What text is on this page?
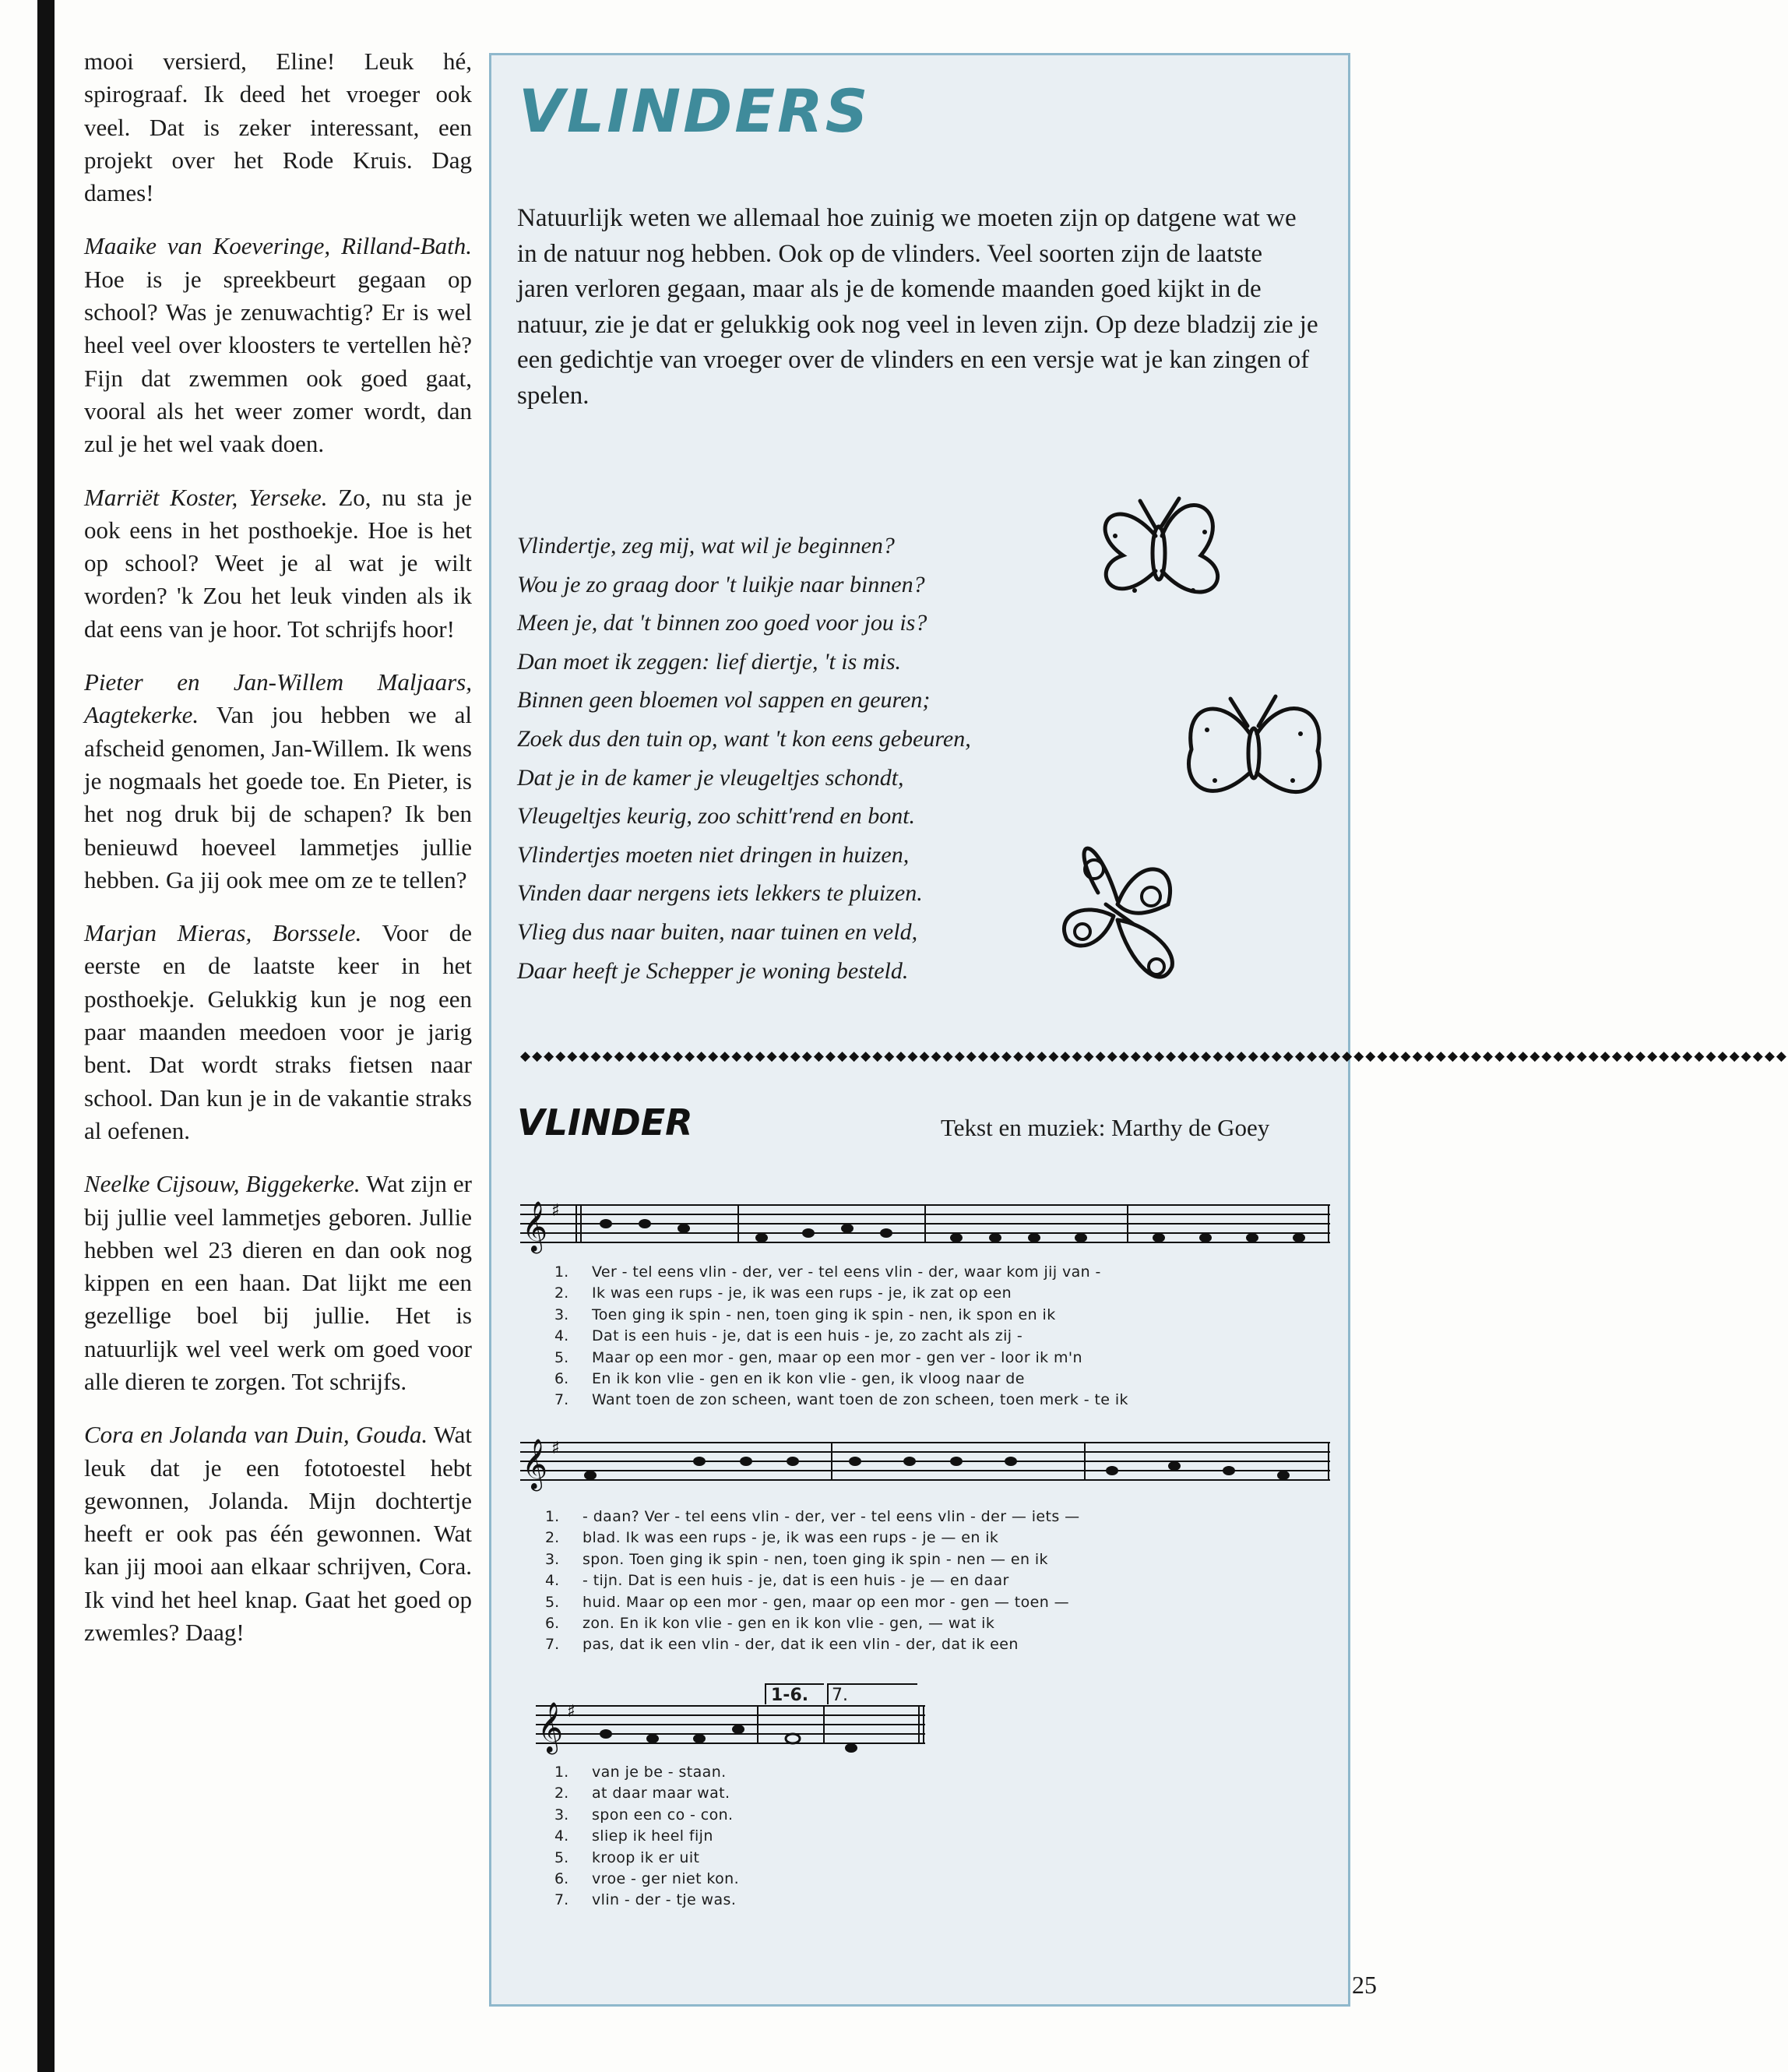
mooi versierd, Eline! Leuk hé, spirograaf. Ik deed het vroeger ook veel. Dat is zeker interessant, een projekt over het Rode Kruis. Dag dames!

Maaike van Koeveringe, Rilland-Bath. Hoe is je spreekbeurt gegaan op school? Was je zenuwachtig? Er is wel heel veel over kloosters te vertellen hè? Fijn dat zwemmen ook goed gaat, vooral als het weer zomer wordt, dan zul je het wel vaak doen.

Marriët Koster, Yerseke. Zo, nu sta je ook eens in het posthoekje. Hoe is het op school? Weet je al wat je wilt worden? 'k Zou het leuk vinden als ik dat eens van je hoor. Tot schrijfs hoor!

Pieter en Jan-Willem Maljaars, Aagtekerke. Van jou hebben we al afscheid genomen, Jan-Willem. Ik wens je nogmaals het goede toe. En Pieter, is het nog druk bij de schapen? Ik ben benieuwd hoeveel lammetjes jullie hebben. Ga jij ook mee om ze te tellen?

Marjan Mieras, Borssele. Voor de eerste en de laatste keer in het posthoekje. Gelukkig kun je nog een paar maanden meedoen voor je jarig bent. Dat wordt straks fietsen naar school. Dan kun je in de vakantie straks al oefenen.

Neelke Cijsouw, Biggekerke. Wat zijn er bij jullie veel lammetjes geboren. Jullie hebben wel 23 dieren en dan ook nog kippen en een haan. Dat lijkt me een gezellige boel bij jullie. Het is natuurlijk wel veel werk om goed voor alle dieren te zorgen. Tot schrijfs.

Cora en Jolanda van Duin, Gouda. Wat leuk dat je een fototoestel hebt gewonnen, Jolanda. Mijn dochtertje heeft er ook pas één gewonnen. Wat kan jij mooi aan elkaar schrijven, Cora. Ik vind het heel knap. Gaat het goed op zwemles? Daag!

VLINDERS
Natuurlijk weten we allemaal hoe zuinig we moeten zijn op datgene wat we in de natuur nog hebben. Ook op de vlinders. Veel soorten zijn de laatste jaren verloren gegaan, maar als je de komende maanden goed kijkt in de natuur, zie je dat er gelukkig ook nog veel in leven zijn. Op deze bladzij zie je een gedichtje van vroeger over de vlinders en een versje wat je kan zingen of spelen.
Vlindertje, zeg mij, wat wil je beginnen?
Wou je zo graag door 't luikje naar binnen?
Meen je, dat 't binnen zoo goed voor jou is?
Dan moet ik zeggen: lief diertje, 't is mis.
Binnen geen bloemen vol sappen en geuren;
Zoek dus den tuin op, want 't kon eens gebeuren,
Dat je in de kamer je vleugeltjes schondt,
Vleugeltjes keurig, zoo schitt'rend en bont.
Vlindertjes moeten niet dringen in huizen,
Vinden daar nergens iets lekkers te pluizen.
Vlieg dus naar buiten, naar tuinen en veld,
Daar heeft je Schepper je woning besteld.
◆◆◆◆◆◆◆◆◆◆◆◆◆◆◆◆◆◆◆◆◆◆◆◆◆◆◆◆◆◆◆◆◆◆◆◆◆◆◆◆◆◆◆◆◆◆◆◆◆◆◆◆◆◆◆◆◆◆◆◆◆◆◆◆◆◆◆◆◆◆◆◆◆◆◆◆◆◆◆◆◆◆◆◆◆◆◆◆◆◆◆◆◆◆◆◆◆◆◆◆◆◆◆◆◆◆◆◆
VLINDER	Tekst en muziek: Marthy de Goey
𝄞 ♯
1. Ver - tel eens vlin - der, ver - tel eens vlin - der, waar kom jij van -
2. Ik was een rups - je, ik was een rups - je, ik zat op een
3. Toen ging ik spin - nen, toen ging ik spin - nen, ik spon en ik
4. Dat is een huis - je, dat is een huis - je, zo zacht als zij -
5. Maar op een mor - gen, maar op een mor - gen ver - loor ik m'n
6. En ik kon vlie - gen en ik kon vlie - gen, ik vloog naar de
7. Want toen de zon scheen, want toen de zon scheen, toen merk - te ik
𝄞 ♯
1. - daan? Ver - tel eens vlin - der, ver - tel eens vlin - der — iets —
2. blad. Ik was een rups - je, ik was een rups - je — en ik
3. spon. Toen ging ik spin - nen, toen ging ik spin - nen — en ik
4. - tijn. Dat is een huis - je, dat is een huis - je — en daar
5. huid. Maar op een mor - gen, maar op een mor - gen — toen —
6. zon. En ik kon vlie - gen en ik kon vlie - gen, — wat ik
7. pas, dat ik een vlin - der, dat ik een vlin - der, dat ik een
𝄞 ♯
1-6. 7.
1. van je be - staan.
2. at daar maar wat.
3. spon een co - con.
4. sliep ik heel fijn
5. kroop ik er uit
6. vroe - ger niet kon.
7. vlin - der - tje was.
25
